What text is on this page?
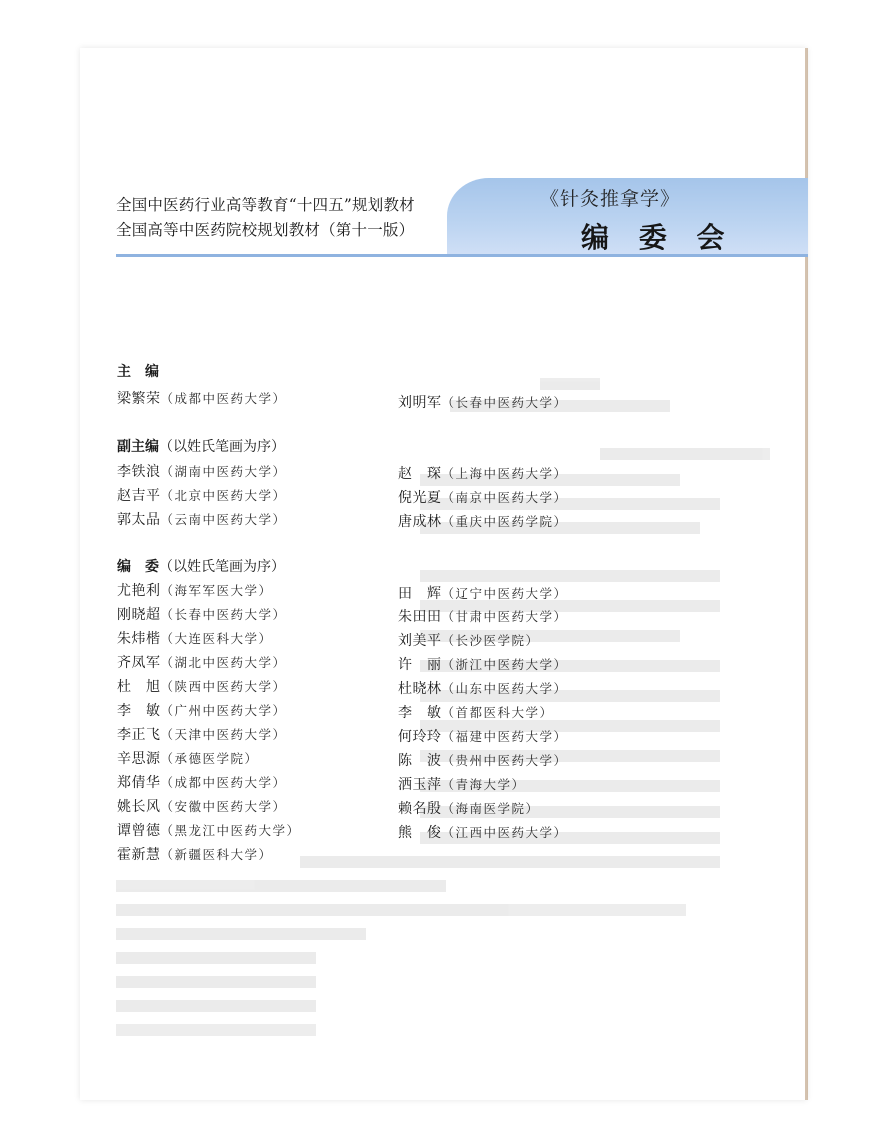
全国中医药行业高等教育“十四五”规划教材
全国高等中医药院校规划教材（第十一版）
《针灸推拿学》
编 委 会
主　编
梁繁荣（成都中医药大学）	刘明军（长春中医药大学）
副主编（以姓氏笔画为序）
李铁浪（湖南中医药大学）	赵　琛（上海中医药大学）
赵吉平（北京中医药大学）	倪光夏（南京中医药大学）
郭太品（云南中医药大学）	唐成林（重庆中医药学院）
编　委（以姓氏笔画为序）
尤艳利（海军军医大学）	田　辉（辽宁中医药大学）
刚晓超（长春中医药大学）	朱田田（甘肃中医药大学）
朱炜楷（大连医科大学）	刘美平（长沙医学院）
齐凤军（湖北中医药大学）	许　丽（浙江中医药大学）
杜　旭（陕西中医药大学）	杜晓林（山东中医药大学）
李　敏（广州中医药大学）	李　敏（首都医科大学）
李正飞（天津中医药大学）	何玲玲（福建中医药大学）
辛思源（承德医学院）	陈　波（贵州中医药大学）
郑倩华（成都中医药大学）	洒玉萍（青海大学）
姚长风（安徽中医药大学）	赖名殷（海南医学院）
谭曾德（黑龙江中医药大学）	熊　俊（江西中医药大学）
霍新慧（新疆医科大学）
